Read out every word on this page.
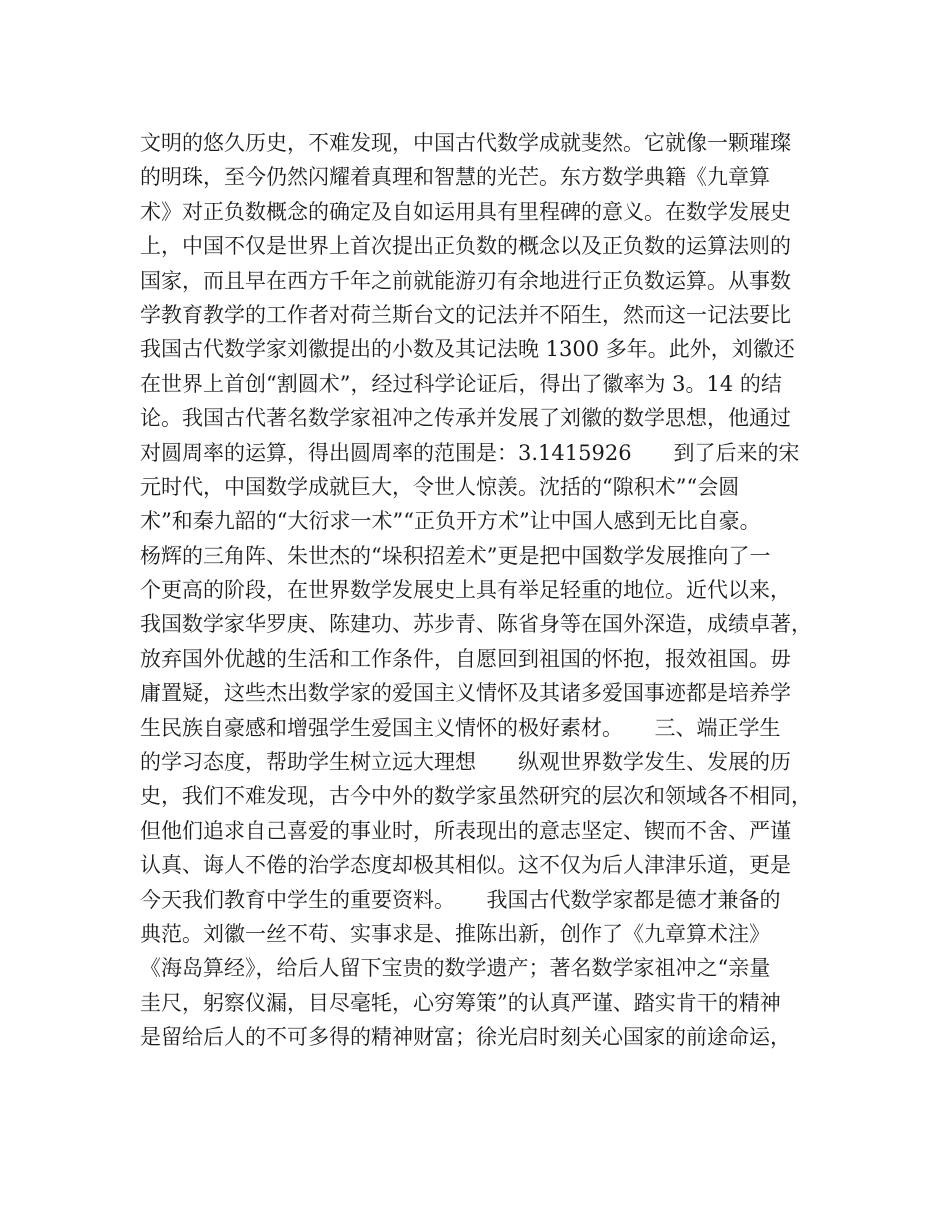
文明的悠久历史，不难发现，中国古代数学成就斐然。它就像一颗璀璨
的明珠，至今仍然闪耀着真理和智慧的光芒。东方数学典籍《九章算
术》对正负数概念的确定及自如运用具有里程碑的意义。在数学发展史
上，中国不仅是世界上首次提出正负数的概念以及正负数的运算法则的
国家，而且早在西方千年之前就能游刃有余地进行正负数运算。从事数
学教育教学的工作者对荷兰斯台文的记法并不陌生，然而这一记法要比
我国古代数学家刘徽提出的小数及其记法晚 1300 多年。此外，刘徽还
在世界上首创“割圆术”，经过科学论证后，得出了徽率为 3。14 的结
论。我国古代著名数学家祖冲之传承并发展了刘徽的数学思想，他通过
对圆周率的运算，得出圆周率的范围是：3.1415926　　到了后来的宋
元时代，中国数学成就巨大，令世人惊羡。沈括的“隙积术”“会圆
术”和秦九韶的“大衍求一术”“正负开方术”让中国人感到无比自豪。
杨辉的三角阵、朱世杰的“垛积招差术”更是把中国数学发展推向了一
个更高的阶段，在世界数学发展史上具有举足轻重的地位。近代以来，
我国数学家华罗庚、陈建功、苏步青、陈省身等在国外深造，成绩卓著，
放弃国外优越的生活和工作条件，自愿回到祖国的怀抱，报效祖国。毋
庸置疑，这些杰出数学家的爱国主义情怀及其诸多爱国事迹都是培养学
生民族自豪感和增强学生爱国主义情怀的极好素材。　　三、端正学生
的学习态度，帮助学生树立远大理想　　纵观世界数学发生、发展的历
史，我们不难发现，古今中外的数学家虽然研究的层次和领域各不相同，
但他们追求自己喜爱的事业时，所表现出的意志坚定、锲而不舍、严谨
认真、诲人不倦的治学态度却极其相似。这不仅为后人津津乐道，更是
今天我们教育中学生的重要资料。　　我国古代数学家都是德才兼备的
典范。刘徽一丝不苟、实事求是、推陈出新，创作了《九章算术注》
《海岛算经》，给后人留下宝贵的数学遗产；著名数学家祖冲之“亲量
圭尺，躬察仪漏，目尽毫牦，心穷筹策”的认真严谨、踏实肯干的精神
是留给后人的不可多得的精神财富；徐光启时刻关心国家的前途命运，
